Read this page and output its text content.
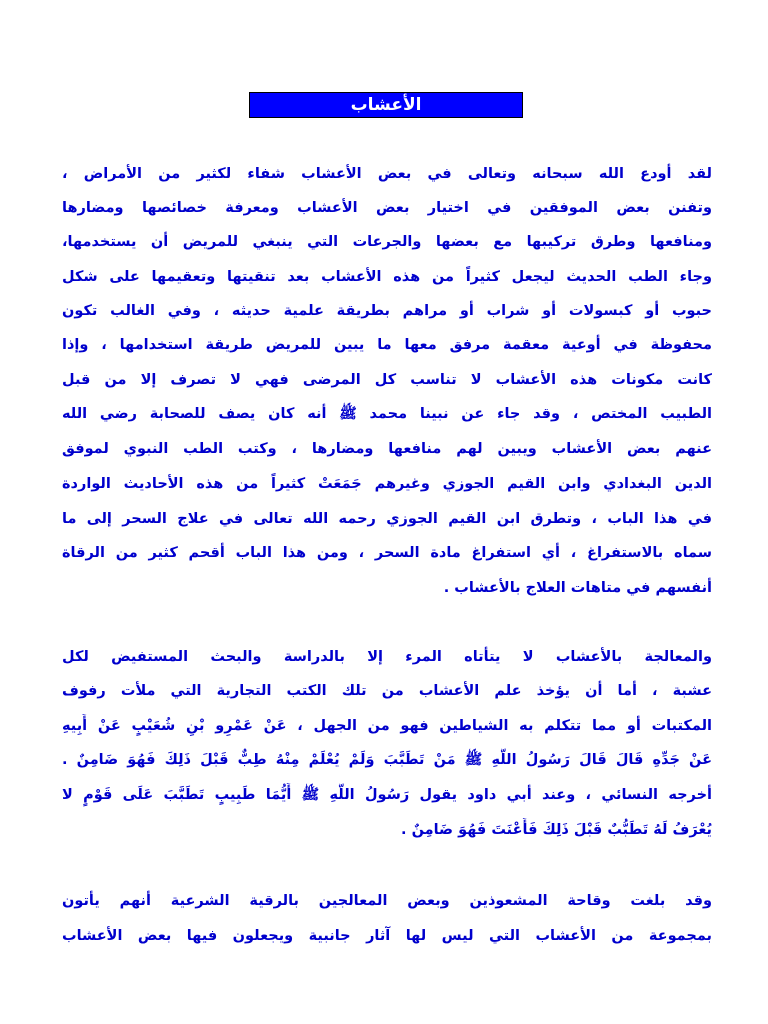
الأعشاب
لقد أودع الله سبحانه وتعالى في بعض الأعشاب شفاء لكثير من الأمراض ،
وتفنن بعض الموفقين في اختيار بعض الأعشاب ومعرفة خصائصها ومضارها
ومنافعها وطرق تركيبها مع بعضها والجرعات التي ينبغي للمريض أن يستخدمها،
وجاء الطب الحديث ليجعل كثيراً من هذه الأعشاب بعد تنقيتها وتعقيمها على شكل
حبوب أو كبسولات أو شراب أو مراهم بطريقة علمية حديثه ، وفي الغالب تكون
محفوظة في أوعية معقمة مرفق معها ما يبين للمريض طريقة استخدامها ، وإذا
كانت مكونات هذه الأعشاب لا تناسب كل المرضى فهي لا تصرف إلا من قبل
الطبيب المختص ، وقد جاء عن نبينا محمد ﷺ أنه كان يصف للصحابة رضي الله
عنهم بعض الأعشاب ويبين لهم منافعها ومضارها ، وكتب الطب النبوي لموفق
الدين البغدادي وابن القيم الجوزي وغيرهم جَمَعَتْ كثيراً من هذه الأحاديث الواردة
في هذا الباب ، وتطرق ابن القيم الجوزي رحمه الله تعالى في علاج السحر إلى ما
سماه بالاستفراغ ، أي استفراغ مادة السحر ، ومن هذا الباب أقحم كثير من الرقاة
أنفسهم في متاهات العلاج بالأعشاب .
والمعالجة بالأعشاب لا يتأتاه المرء إلا بالدراسة والبحث المستفيض لكل
عشبة ، أما أن يؤخذ علم الأعشاب من تلك الكتب التجارية التي ملأت رفوف
المكتبات أو مما تتكلم به الشياطين فهو من الجهل ، عَنْ عَمْرِو بْنِ شُعَيْبٍ عَنْ أَبِيهِ
عَنْ جَدِّهِ قَالَ قَالَ رَسُولُ اللَّهِ ﷺ مَنْ تَطَبَّبَ وَلَمْ يُعْلَمْ مِنْهُ طِبٌّ قَبْلَ ذَلِكَ فَهُوَ ضَامِنٌ .
أخرجه النسائي ، وعند أبي داود يقول رَسُولُ اللَّهِ ﷺ أَيُّمَا طَبِيبٍ تَطَبَّبَ عَلَى قَوْمٍ لا
يُعْرَفُ لَهُ تَطَبُّبٌ قَبْلَ ذَلِكَ فَأَعْنَتَ فَهُوَ ضَامِنٌ .
وقد بلغت وقاحة المشعوذين وبعض المعالجين بالرقية الشرعية أنهم يأتون
بمجموعة من الأعشاب التي ليس لها آثار جانبية ويجعلون فيها بعض الأعشاب
